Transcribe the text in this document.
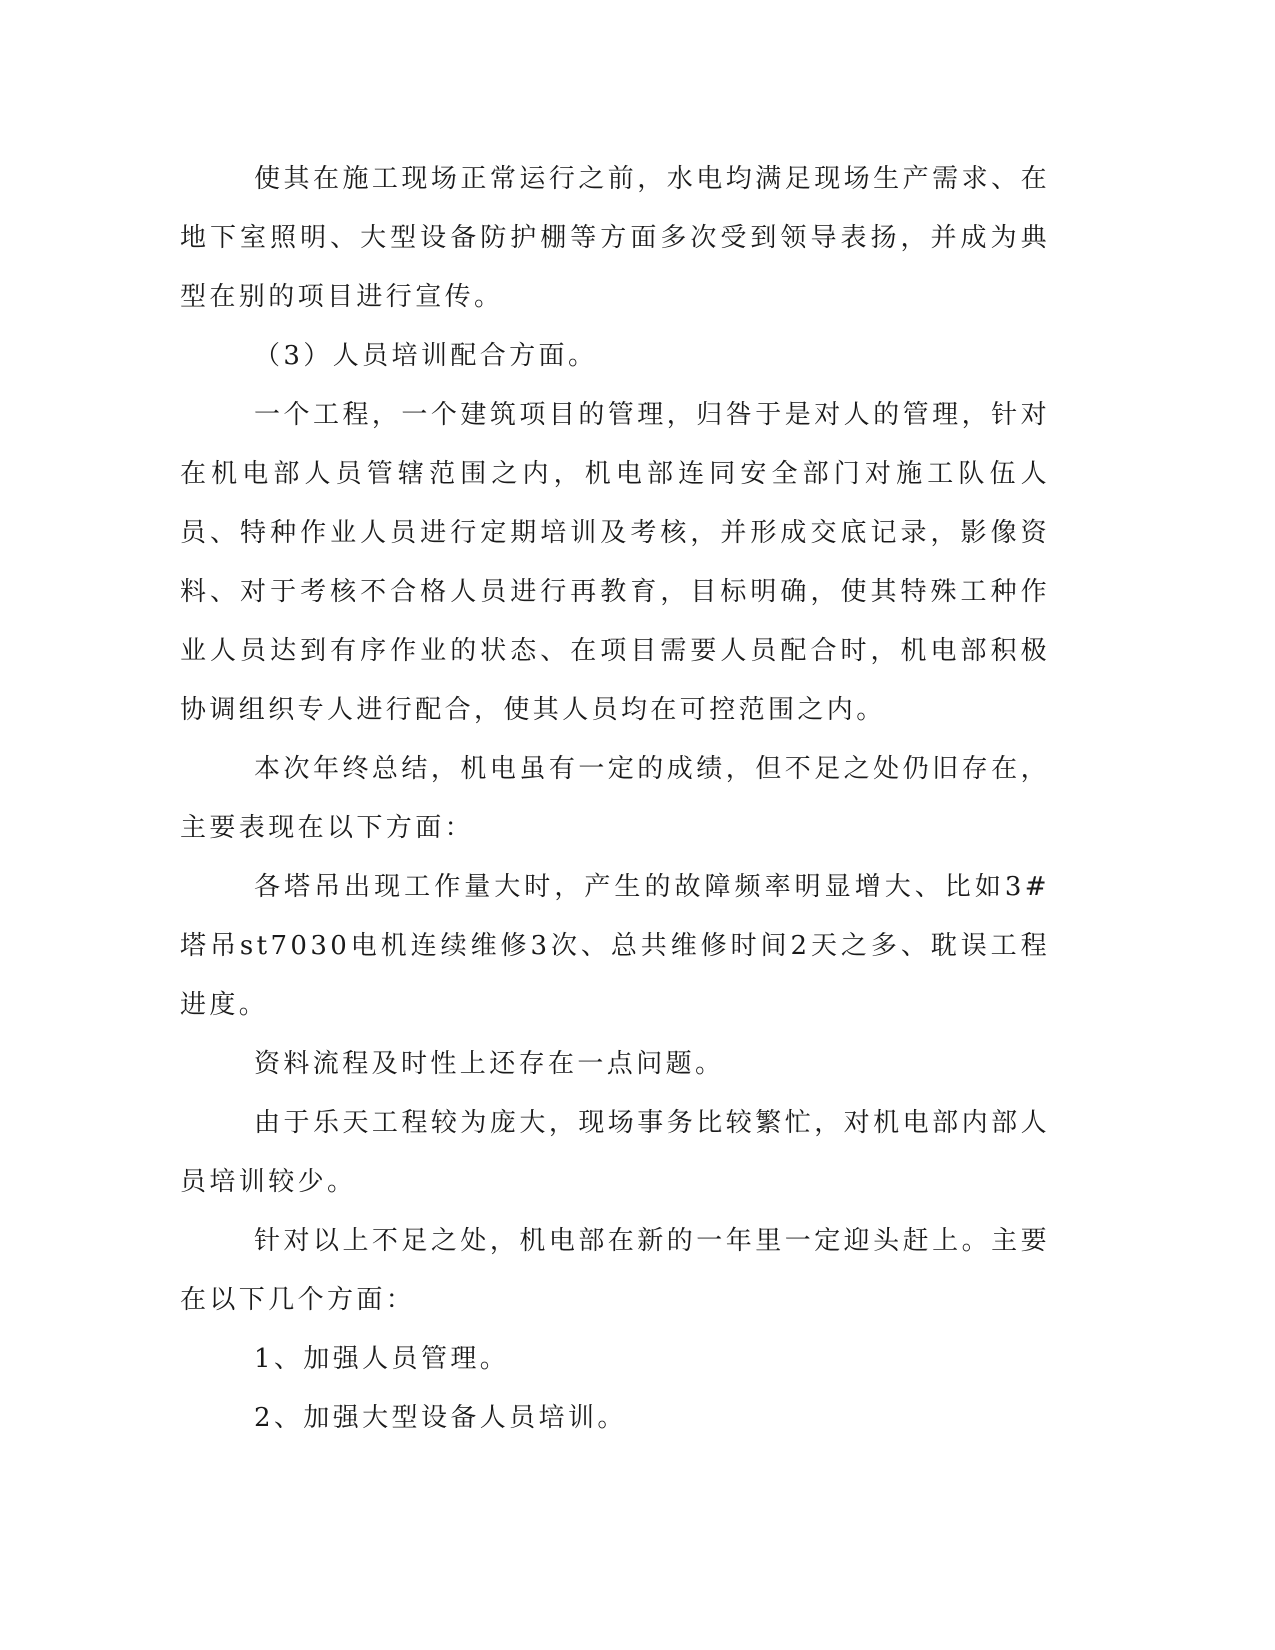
使其在施工现场正常运行之前，水电均满足现场生产需求、在地下室照明、大型设备防护棚等方面多次受到领导表扬，并成为典型在别的项目进行宣传。

（3）人员培训配合方面。

一个工程，一个建筑项目的管理，归咎于是对人的管理，针对在机电部人员管辖范围之内，机电部连同安全部门对施工队伍人员、特种作业人员进行定期培训及考核，并形成交底记录，影像资料、对于考核不合格人员进行再教育，目标明确，使其特殊工种作业人员达到有序作业的状态、在项目需要人员配合时，机电部积极协调组织专人进行配合，使其人员均在可控范围之内。

本次年终总结，机电虽有一定的成绩，但不足之处仍旧存在，主要表现在以下方面：

各塔吊出现工作量大时，产生的故障频率明显增大、比如3#塔吊st7030电机连续维修3次、总共维修时间2天之多、耽误工程进度。

资料流程及时性上还存在一点问题。

由于乐天工程较为庞大，现场事务比较繁忙，对机电部内部人员培训较少。

针对以上不足之处，机电部在新的一年里一定迎头赶上。主要在以下几个方面：

1、加强人员管理。

2、加强大型设备人员培训。
